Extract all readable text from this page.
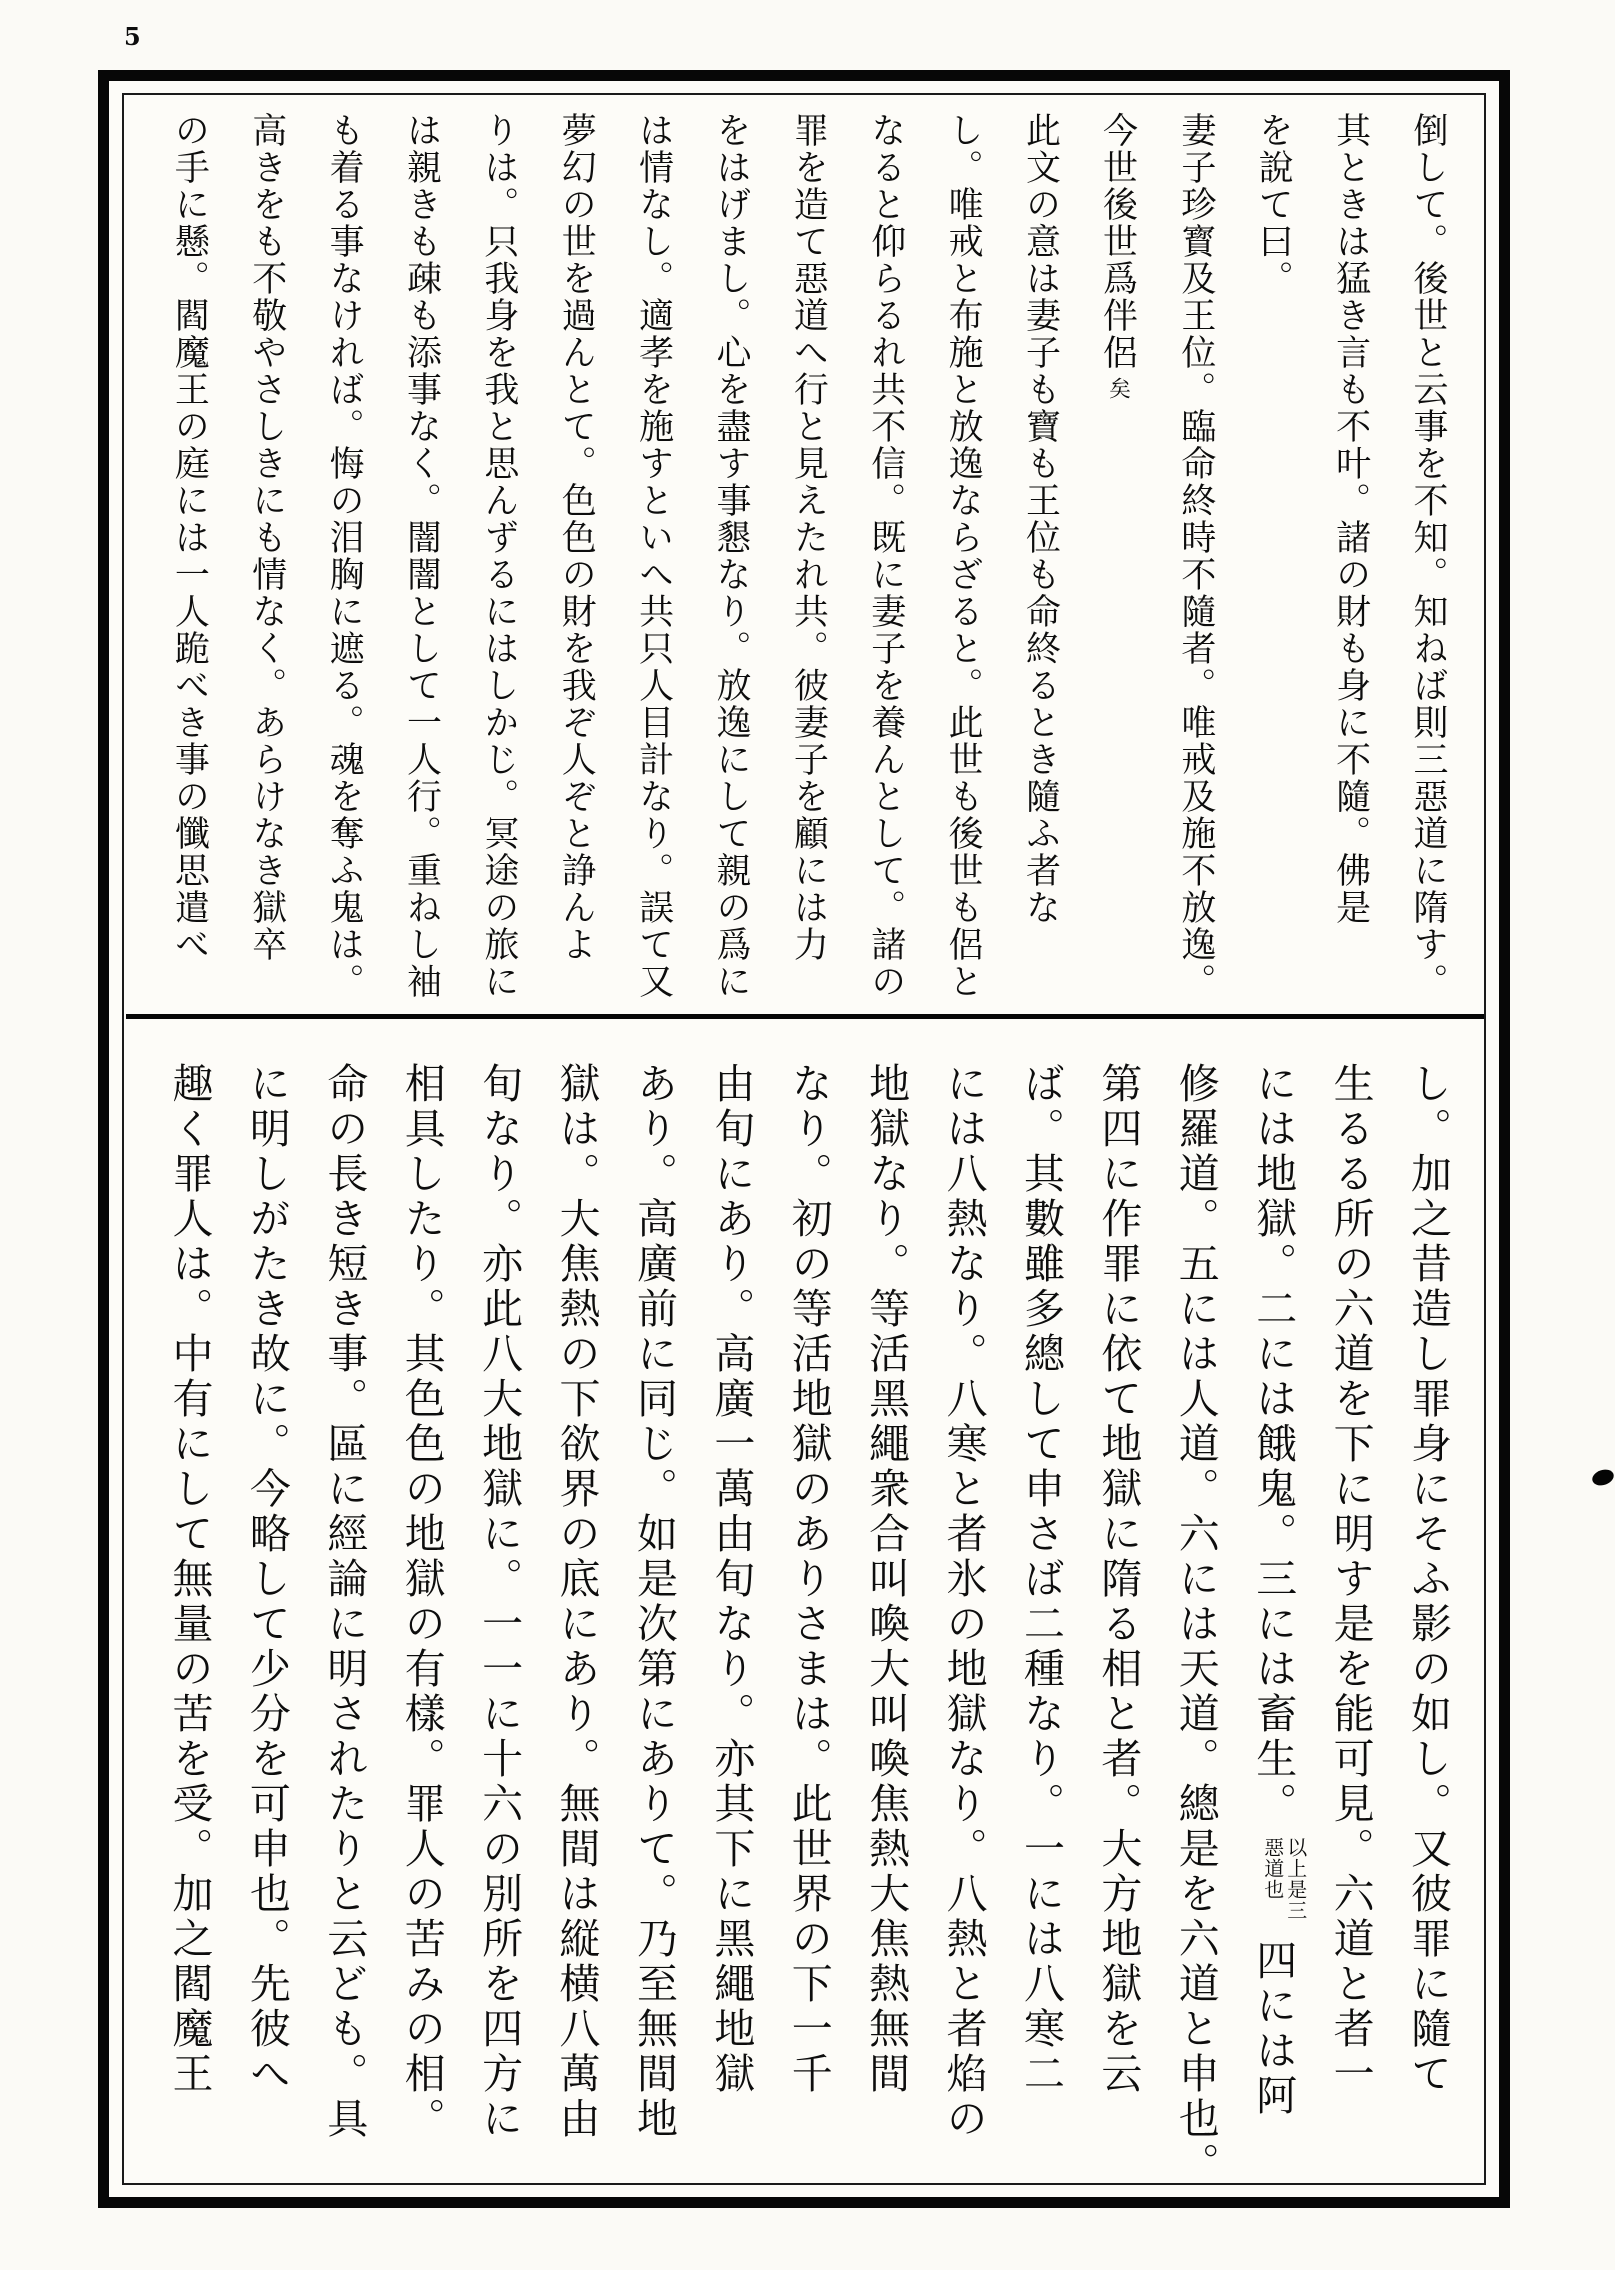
5
倒して。後世と云事を不知。知ねば則三惡道に隋す。
其ときは猛き言も不叶。諸の財も身に不隨。佛是
を說て曰。
妻子珍寳及王位。臨命終時不隨者。唯戒及施不放逸。
今世後世爲伴侶矣
此文の意は妻子も寶も王位も命終るとき隨ふ者な
し。唯戒と布施と放逸ならざると。此世も後世も侶と
なると仰らるれ共不信。既に妻子を養んとして。諸の
罪を造て惡道へ行と見えたれ共。彼妻子を顧には力
をはげまし。心を盡す事懇なり。放逸にして親の爲に
は情なし。適孝を施すといへ共只人目計なり。誤て又
夢幻の世を過んとて。色色の財を我ぞ人ぞと諍んよ
りは。只我身を我と思んずるにはしかじ。冥途の旅に
は親きも疎も添事なく。闇闇として一人行。重ねし袖
も着る事なければ。悔の泪胸に遮る。魂を奪ふ鬼は。
高きをも不敬やさしきにも情なく。あらけなき獄卒
の手に懸。閻魔王の庭には一人跪べき事の懺思遣べ
し。加之昔造し罪身にそふ影の如し。又彼罪に隨て
生るる所の六道を下に明す是を能可見。六道と者一
には地獄。二には餓鬼。三には畜生。
以上是三
惡道也
四には阿
修羅道。五には人道。六には天道。總是を六道と申也。
第四に作罪に依て地獄に隋る相と者。大方地獄を云
ば。其數雖多總して申さば二種なり。一には八寒二
には八熱なり。八寒と者氷の地獄なり。八熱と者焰の
地獄なり。等活黑繩衆合叫喚大叫喚焦熱大焦熱無間
なり。初の等活地獄のありさまは。此世界の下一千
由旬にあり。高廣一萬由旬なり。亦其下に黑繩地獄
あり。高廣前に同じ。如是次第にありて。乃至無間地
獄は。大焦熱の下欲界の底にあり。無間は縦横八萬由
旬なり。亦此八大地獄に。一一に十六の別所を四方に
相具したり。其色色の地獄の有樣。罪人の苦みの相。
命の長き短き事。區に經論に明されたりと云ども。具
に明しがたき故に。今略して少分を可申也。先彼へ
趣く罪人は。中有にして無量の苦を受。加之閻魔王
